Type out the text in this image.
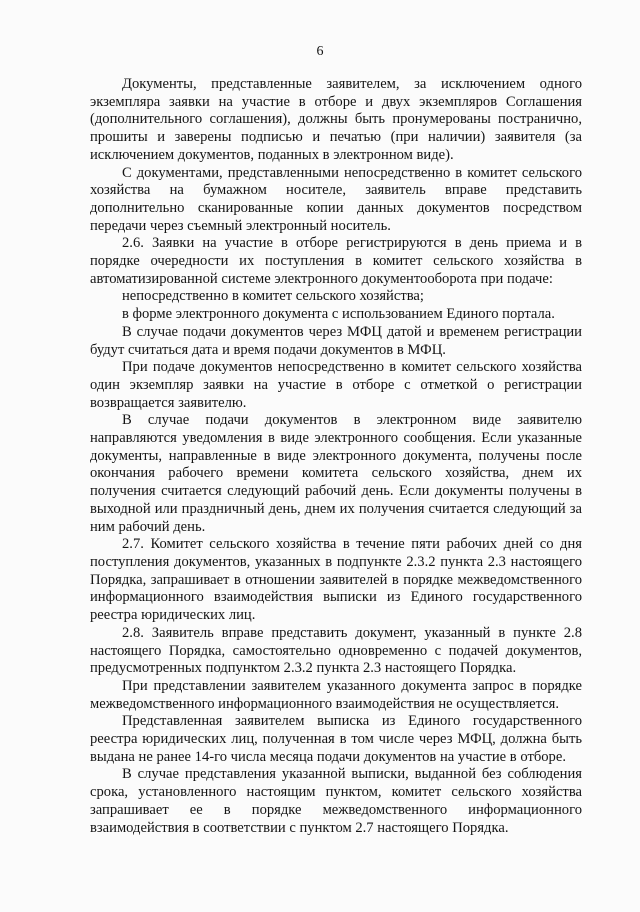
6

Документы, представленные заявителем, за исключением одного экземпляра заявки на участие в отборе и двух экземпляров Соглашения (дополнительного соглашения), должны быть пронумерованы постранично, прошиты и заверены подписью и печатью (при наличии) заявителя (за исключением документов, поданных в электронном виде).

С документами, представленными непосредственно в комитет сельского хозяйства на бумажном носителе, заявитель вправе представить дополнительно сканированные копии данных документов посредством передачи через съемный электронный носитель.

2.6. Заявки на участие в отборе регистрируются в день приема и в порядке очередности их поступления в комитет сельского хозяйства в автоматизированной системе электронного документооборота при подаче:

непосредственно в комитет сельского хозяйства;

в форме электронного документа с использованием Единого портала.

В случае подачи документов через МФЦ датой и временем регистрации будут считаться дата и время подачи документов в МФЦ.

При подаче документов непосредственно в комитет сельского хозяйства один экземпляр заявки на участие в отборе с отметкой о регистрации возвращается заявителю.

В случае подачи документов в электронном виде заявителю направляются уведомления в виде электронного сообщения. Если указанные документы, направленные в виде электронного документа, получены после окончания рабочего времени комитета сельского хозяйства, днем их получения считается следующий рабочий день. Если документы получены в выходной или праздничный день, днем их получения считается следующий за ним рабочий день.

2.7. Комитет сельского хозяйства в течение пяти рабочих дней со дня поступления документов, указанных в подпункте 2.3.2 пункта 2.3 настоящего Порядка, запрашивает в отношении заявителей в порядке межведомственного информационного взаимодействия выписки из Единого государственного реестра юридических лиц.

2.8. Заявитель вправе представить документ, указанный в пункте 2.8 настоящего Порядка, самостоятельно одновременно с подачей документов, предусмотренных подпунктом 2.3.2 пункта 2.3 настоящего Порядка.

При представлении заявителем указанного документа запрос в порядке межведомственного информационного взаимодействия не осуществляется.

Представленная заявителем выписка из Единого государственного реестра юридических лиц, полученная в том числе через МФЦ, должна быть выдана не ранее 14-го числа месяца подачи документов на участие в отборе.

В случае представления указанной выписки, выданной без соблюдения срока, установленного настоящим пунктом, комитет сельского хозяйства запрашивает ее в порядке межведомственного информационного взаимодействия в соответствии с пунктом 2.7 настоящего Порядка.
